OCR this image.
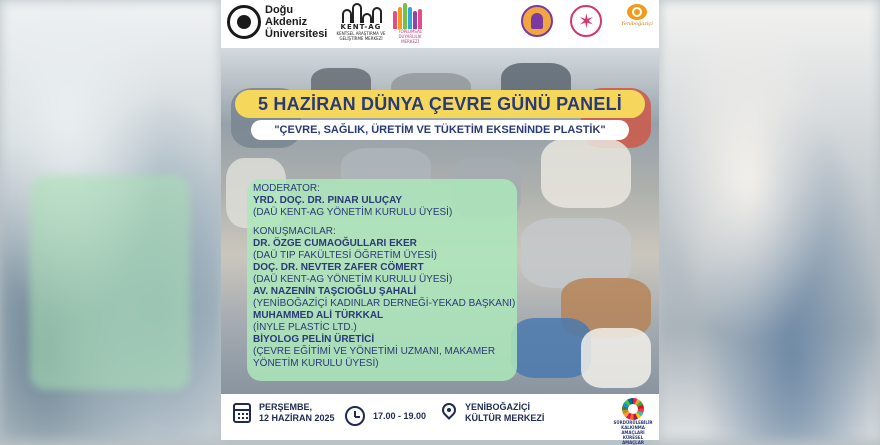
Doğu
Akdeniz
Üniversitesi
KENT-AG
KENTSEL ARAŞTIRMA VE GELİŞTİRME MERKEZİ
TOPLUMSAL DUYARLILIK MERKEZİ
✶
Yeniboğaziçi
5 HAZİRAN DÜNYA ÇEVRE GÜNÜ PANELİ
"ÇEVRE, SAĞLIK, ÜRETİM VE TÜKETİM EKSENİNDE PLASTİK"
MODERATOR:
YRD. DOÇ. DR. PINAR ULUÇAY
(DAÜ KENT-AG YÖNETİM KURULU ÜYESİ)
KONUŞMACILAR:
DR. ÖZGE CUMAOĞULLARI EKER
(DAÜ TIP FAKÜLTESİ ÖĞRETİM ÜYESİ)
DOÇ. DR. NEVTER ZAFER CÖMERT
(DAÜ KENT-AG YÖNETİM KURULU ÜYESİ)
AV. NAZENİN TAŞCIOĞLU ŞAHALİ
(YENİBOĞAZİÇİ KADINLAR DERNEĞİ-YEKAD BAŞKANI)
MUHAMMED ALİ TÜRKKAL
(İNYLE PLASTİC LTD.)
BİYOLOG PELİN ÜRETİCİ
(ÇEVRE EĞİTİMİ VE YÖNETİMİ UZMANI, MAKAMER
YÖNETİM KURULU ÜYESİ)
PERŞEMBE,
12 HAZİRAN 2025	17.00 - 19.00
YENİBOĞAZİÇİ
KÜLTÜR MERKEZİ	SÜRDÜRÜLEBİLİR KALKINMA AMAÇLARI
KÜRESEL AMAÇLAR
